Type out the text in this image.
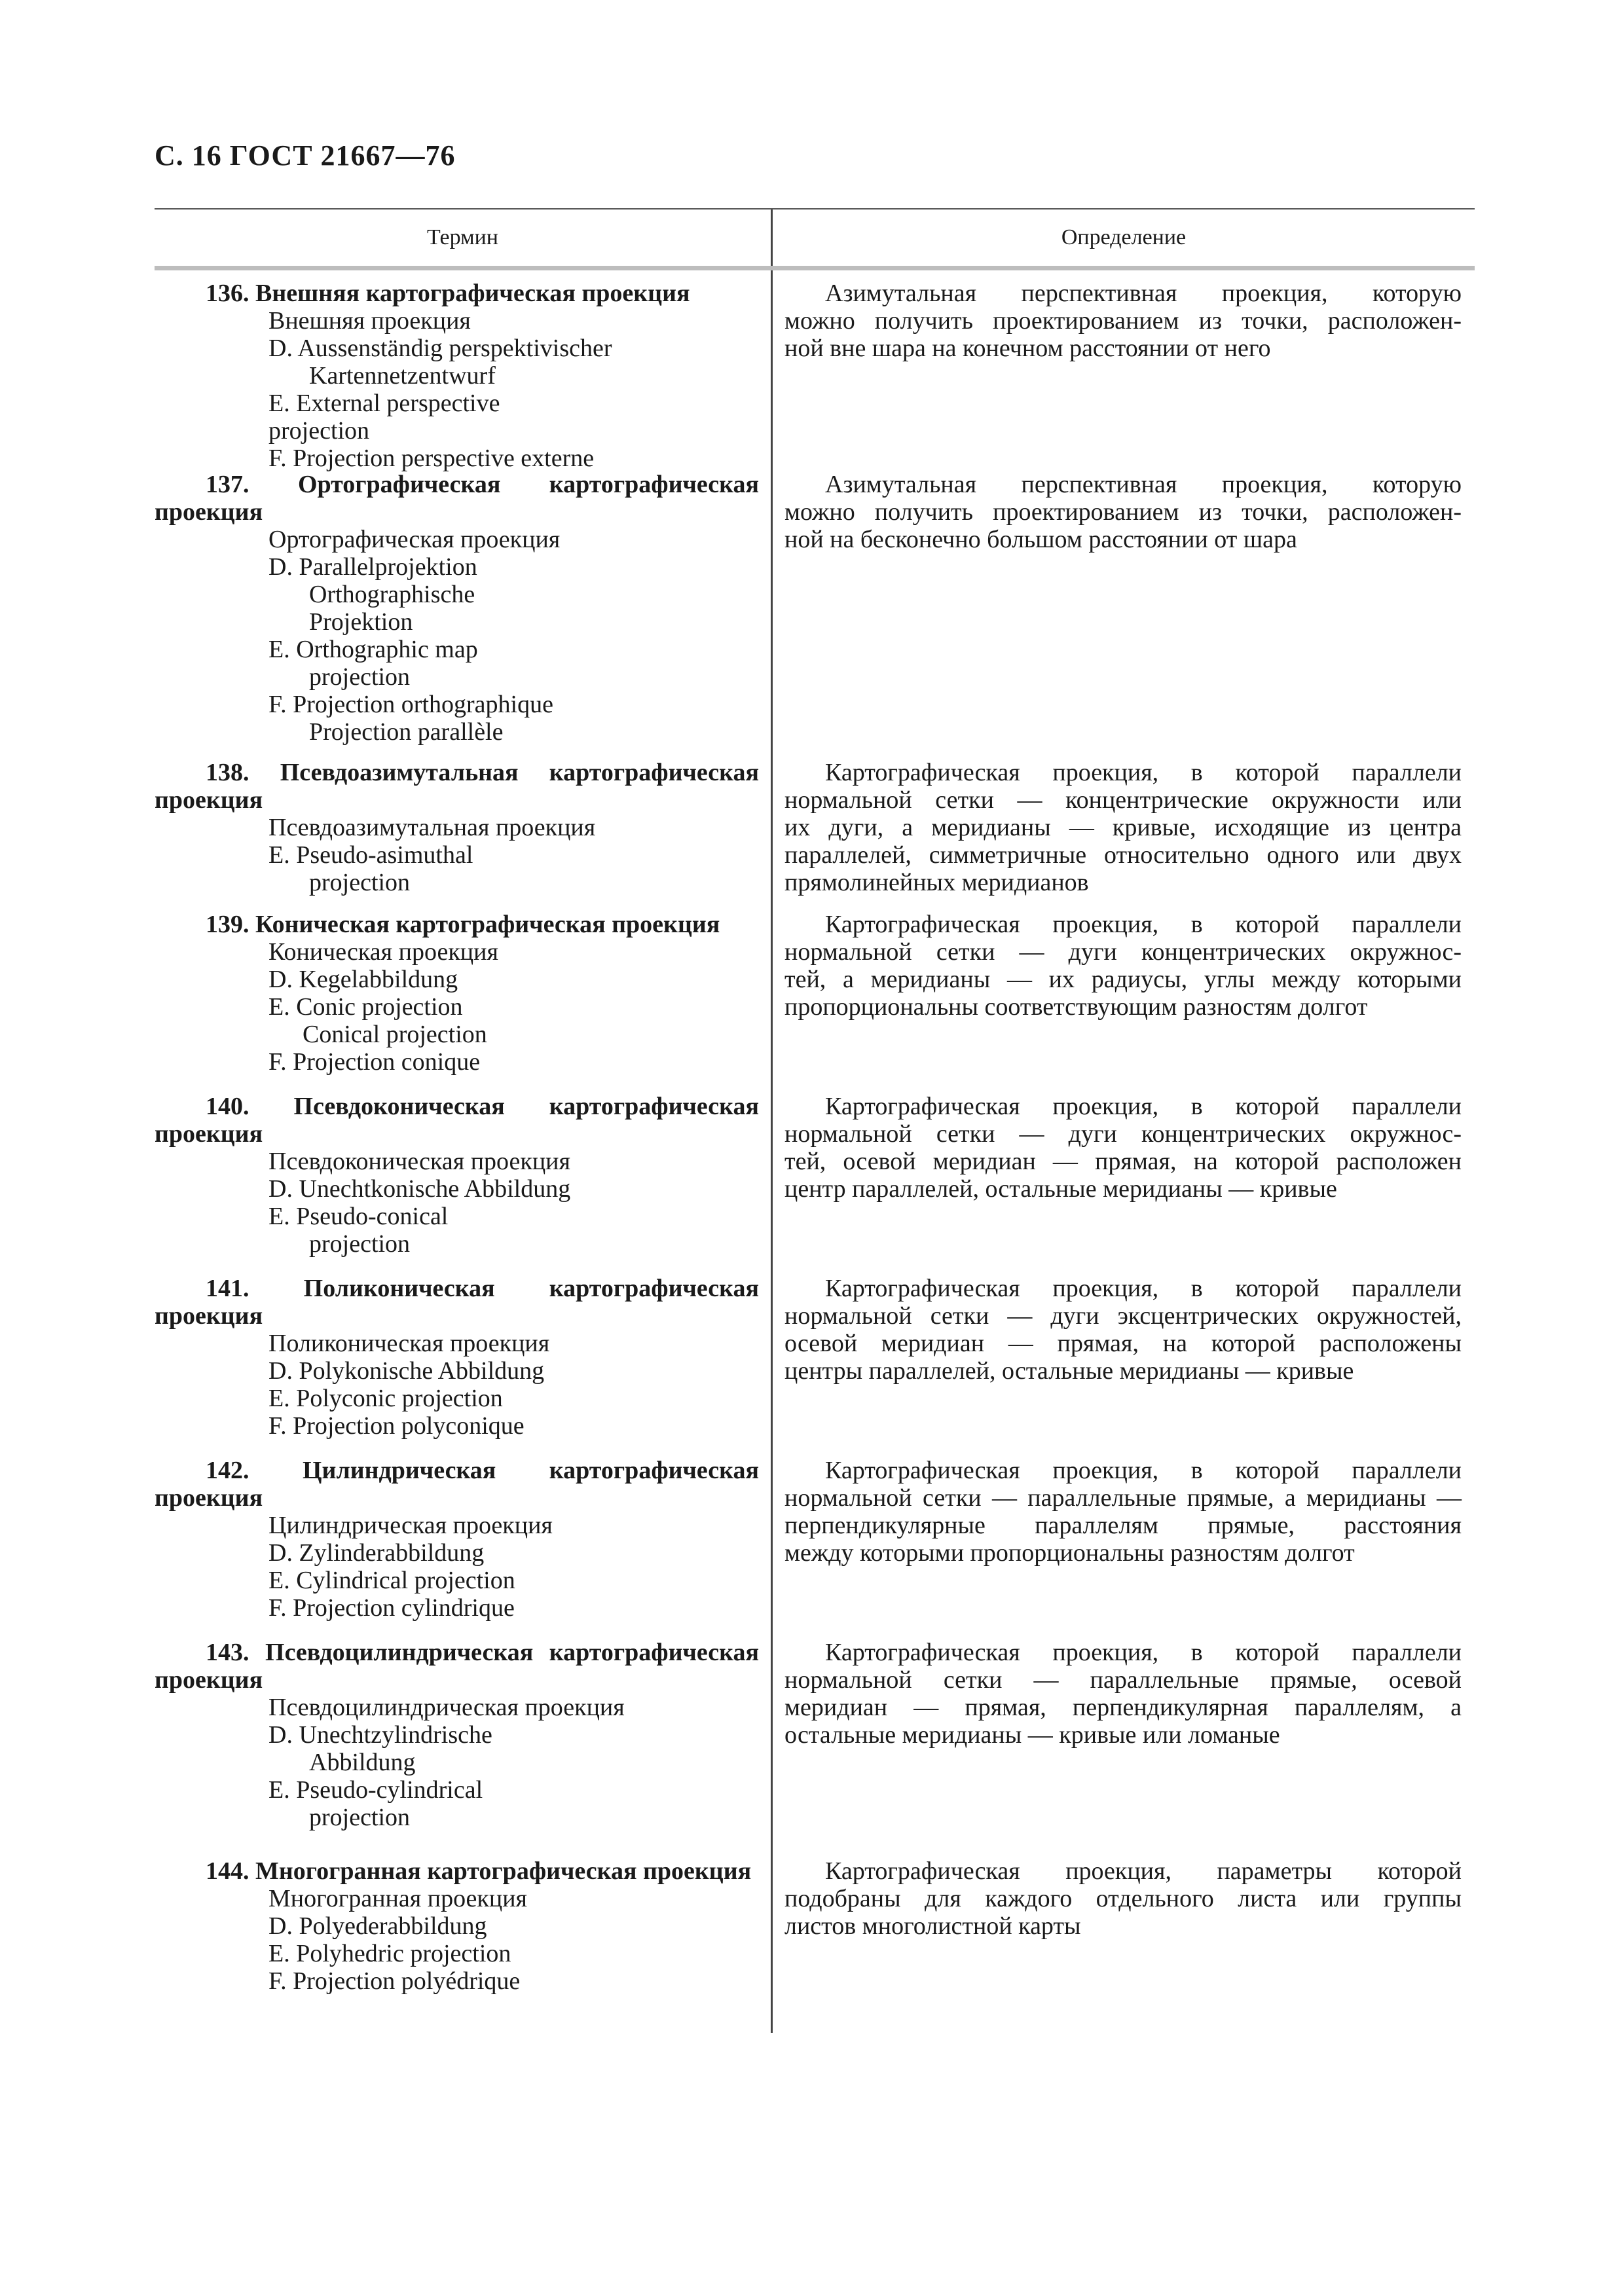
С. 16 ГОСТ 21667—76
Термин	Определение
136. Внешняя картографическая проекция
Внешняя проекция
D. Aussenständig perspektivischer
Kartennetzentwurf
E. External perspective
projection
F. Projection perspective externe
137. Ортографическая картографическая
проекция
Ортографическая проекция
D. Parallelprojektion
Orthographische
Projektion
E. Orthographic map
projection
F. Projection orthographique
Projection parallèle
138. Псевдоазимутальная картографическая
проекция
Псевдоазимутальная проекция
E. Pseudo-asimuthal
projection
139. Коническая картографическая проекция
Коническая проекция
D. Kegelabbildung
E. Conic projection
Conical projection
F. Projection conique
140. Псевдоконическая картографическая
проекция
Псевдоконическая проекция
D. Unechtkonische Abbildung
E. Pseudo-conical
projection
141. Поликоническая картографическая
проекция
Поликоническая проекция
D. Polykonische Abbildung
E. Polyconic projection
F. Projection polyconique
142. Цилиндрическая картографическая
проекция
Цилиндрическая проекция
D. Zylinderabbildung
E. Cylindrical projection
F. Projection cylindrique
143. Псевдоцилиндрическая картографическая
проекция
Псевдоцилиндрическая проекция
D. Unechtzylindrische
Abbildung
E. Pseudo-cylindrical
projection
144. Многогранная картографическая проекция
Многогранная проекция
D. Polyederabbildung
E. Polyhedric projection
F. Projection polyédrique
Азимутальная перспективная проекция, которую
можно получить проектированием из точки, расположен-
ной вне шара на конечном расстоянии от него
Азимутальная перспективная проекция, которую
можно получить проектированием из точки, расположен-
ной на бесконечно большом расстоянии от шара
Картографическая проекция, в которой параллели
нормальной сетки — концентрические окружности или
их дуги, а меридианы — кривые, исходящие из центра
параллелей, симметричные относительно одного или двух
прямолинейных меридианов
Картографическая проекция, в которой параллели
нормальной сетки — дуги концентрических окружнос-
тей, а меридианы — их радиусы, углы между которыми
пропорциональны соответствующим разностям долгот
Картографическая проекция, в которой параллели
нормальной сетки — дуги концентрических окружнос-
тей, осевой меридиан — прямая, на которой расположен
центр параллелей, остальные меридианы — кривые
Картографическая проекция, в которой параллели
нормальной сетки — дуги эксцентрических окружностей,
осевой меридиан — прямая, на которой расположены
центры параллелей, остальные меридианы — кривые
Картографическая проекция, в которой параллели
нормальной сетки — параллельные прямые, а меридианы —
перпендикулярные параллелям прямые, расстояния
между которыми пропорциональны разностям долгот
Картографическая проекция, в которой параллели
нормальной сетки — параллельные прямые, осевой
меридиан — прямая, перпендикулярная параллелям, а
остальные меридианы — кривые или ломаные
Картографическая проекция, параметры которой
подобраны для каждого отдельного листа или группы
листов многолистной карты
